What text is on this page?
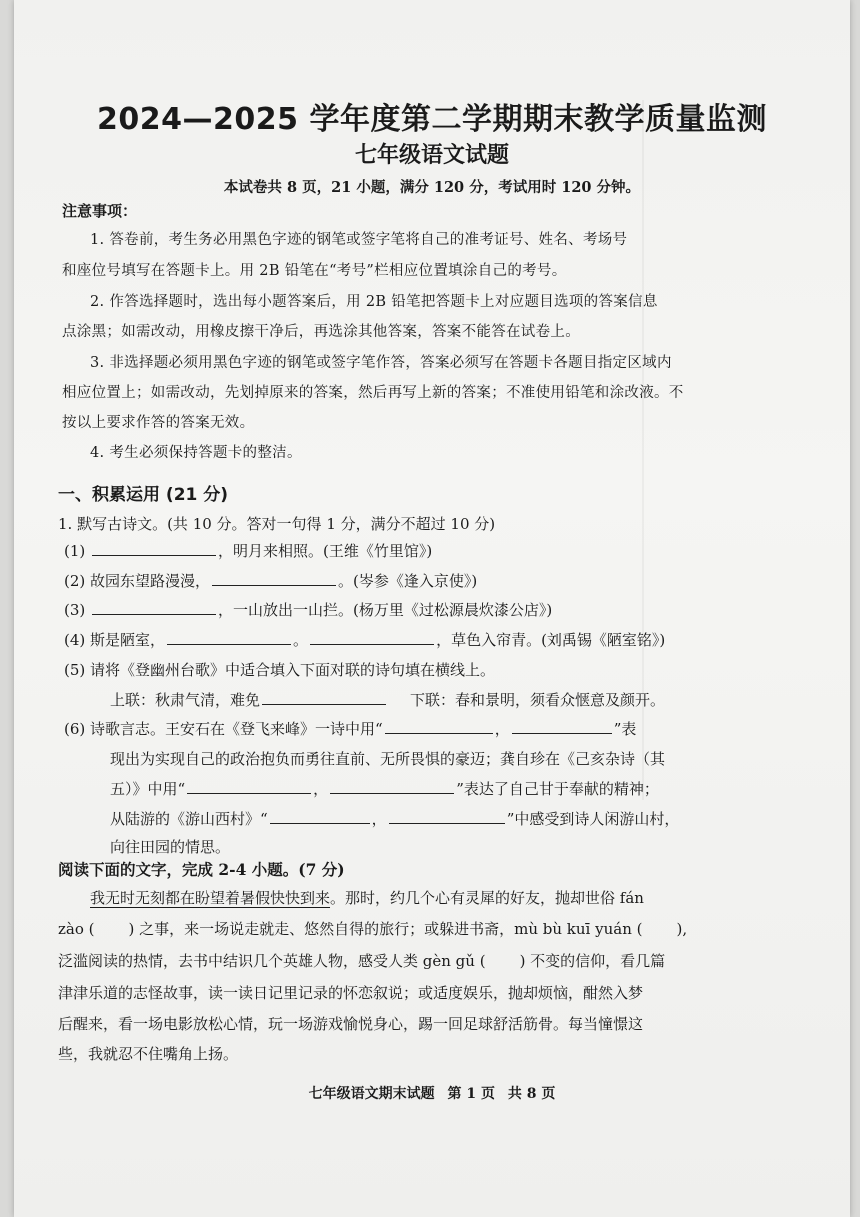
2024—2025 学年度第二学期期末教学质量监测
七年级语文试题
本试卷共 8 页，21 小题，满分 120 分，考试用时 120 分钟。
注意事项：
1. 答卷前，考生务必用黑色字迹的钢笔或签字笔将自己的准考证号、姓名、考场号
和座位号填写在答题卡上。用 2B 铅笔在“考号”栏相应位置填涂自己的考号。
2. 作答选择题时，选出每小题答案后，用 2B 铅笔把答题卡上对应题目选项的答案信息
点涂黑；如需改动，用橡皮擦干净后，再选涂其他答案，答案不能答在试卷上。
3. 非选择题必须用黑色字迹的钢笔或签字笔作答，答案必须写在答题卡各题目指定区域内
相应位置上；如需改动，先划掉原来的答案，然后再写上新的答案；不准使用铅笔和涂改液。不
按以上要求作答的答案无效。
4. 考生必须保持答题卡的整洁。
一、积累运用 (21 分)
1. 默写古诗文。(共 10 分。答对一句得 1 分，满分不超过 10 分)
(1)	，明月来相照。(王维《竹里馆》)
(2) 故园东望路漫漫，	。(岑参《逢入京使》)
(3)	，一山放出一山拦。(杨万里《过松源晨炊漆公店》)
(4) 斯是陋室，	。	，草色入帘青。(刘禹锡《陋室铭》)
(5) 请将《登幽州台歌》中适合填入下面对联的诗句填在横线上。
上联：秋肃气清，难免	下联：春和景明，须看众惬意及颜开。
(6) 诗歌言志。王安石在《登飞来峰》一诗中用“	，	”表
现出为实现自己的政治抱负而勇往直前、无所畏惧的豪迈；龚自珍在《己亥杂诗（其
五）》中用“	，	”表达了自己甘于奉献的精神；
从陆游的《游山西村》“	，	”中感受到诗人闲游山村，
向往田园的情思。
阅读下面的文字，完成 2-4 小题。(7 分)
我无时无刻都在盼望着暑假快快到来。那时，约几个心有灵犀的好友，抛却世俗 fán
zào ( ) 之事，来一场说走就走、悠然自得的旅行；或躲进书斋，mù bù kuī yuán ( ),
泛滥阅读的热情，去书中结识几个英雄人物，感受人类 gèn gǔ ( ) 不变的信仰，看几篇
津津乐道的志怪故事，读一读日记里记录的怀恋叙说；或适度娱乐，抛却烦恼，酣然入梦
后醒来，看一场电影放松心情，玩一场游戏愉悦身心，踢一回足球舒活筋骨。每当憧憬这
些，我就忍不住嘴角上扬。
七年级语文期末试题 第 1 页 共 8 页
